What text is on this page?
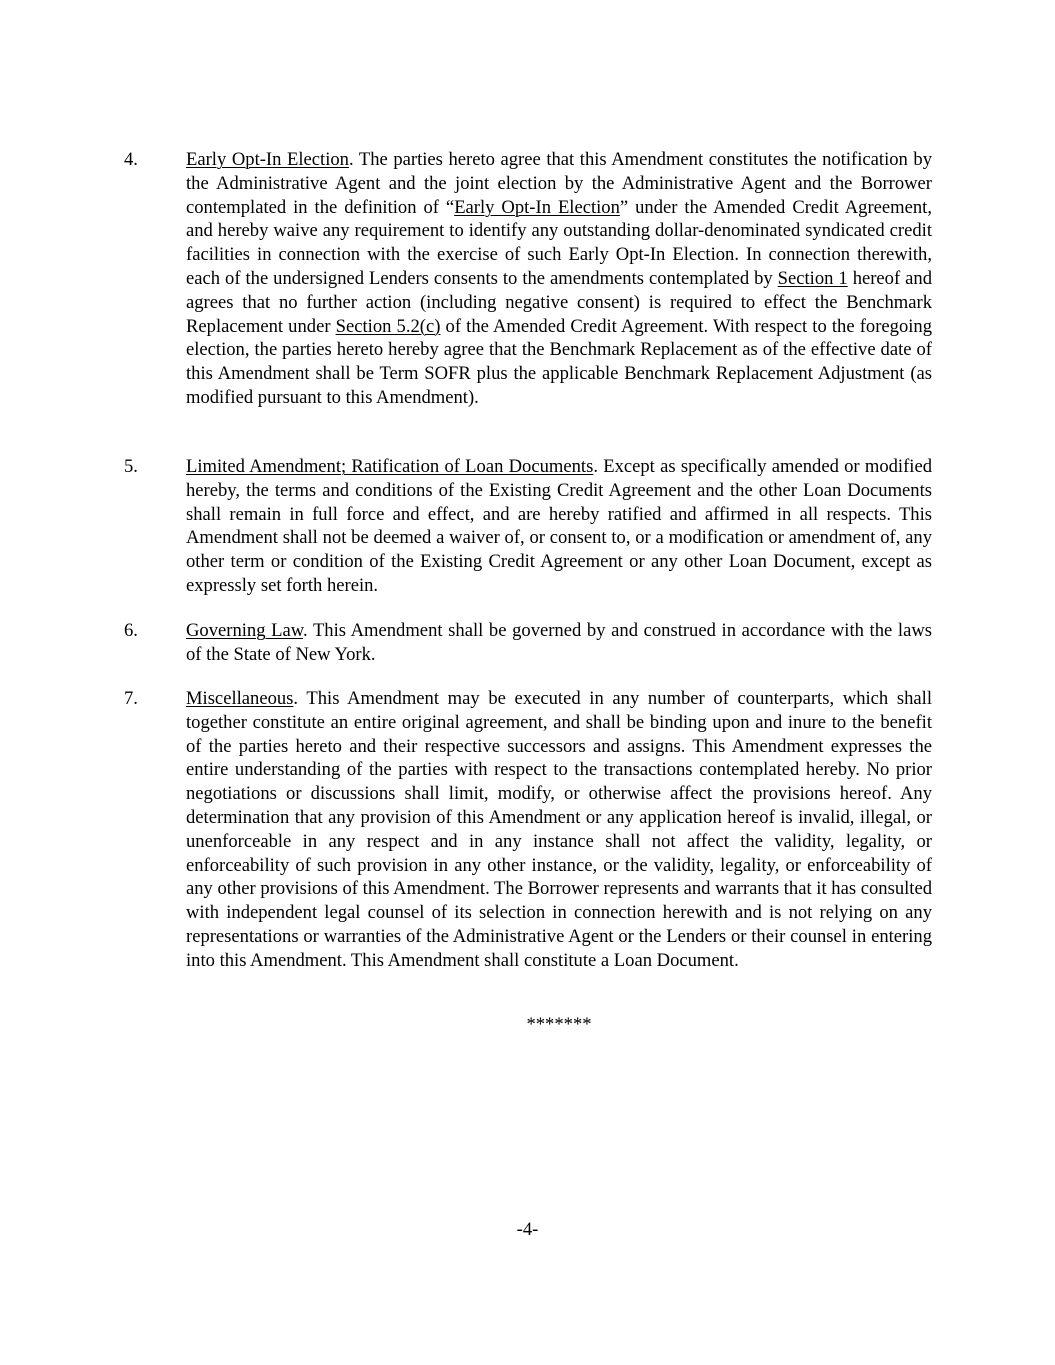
4.	Early Opt-In Election. The parties hereto agree that this Amendment constitutes the notification by the Administrative Agent and the joint election by the Administrative Agent and the Borrower contemplated in the definition of “Early Opt-In Election” under the Amended Credit Agreement, and hereby waive any requirement to identify any outstanding dollar-denominated syndicated credit facilities in connection with the exercise of such Early Opt-In Election. In connection therewith, each of the undersigned Lenders consents to the amendments contemplated by Section 1 hereof and agrees that no further action (including negative consent) is required to effect the Benchmark Replacement under Section 5.2(c) of the Amended Credit Agreement. With respect to the foregoing election, the parties hereto hereby agree that the Benchmark Replacement as of the effective date of this Amendment shall be Term SOFR plus the applicable Benchmark Replacement Adjustment (as modified pursuant to this Amendment).
5.	Limited Amendment; Ratification of Loan Documents. Except as specifically amended or modified hereby, the terms and conditions of the Existing Credit Agreement and the other Loan Documents shall remain in full force and effect, and are hereby ratified and affirmed in all respects. This Amendment shall not be deemed a waiver of, or consent to, or a modification or amendment of, any other term or condition of the Existing Credit Agreement or any other Loan Document, except as expressly set forth herein.
6.	Governing Law. This Amendment shall be governed by and construed in accordance with the laws of the State of New York.
7.	Miscellaneous. This Amendment may be executed in any number of counterparts, which shall together constitute an entire original agreement, and shall be binding upon and inure to the benefit of the parties hereto and their respective successors and assigns. This Amendment expresses the entire understanding of the parties with respect to the transactions contemplated hereby. No prior negotiations or discussions shall limit, modify, or otherwise affect the provisions hereof. Any determination that any provision of this Amendment or any application hereof is invalid, illegal, or unenforceable in any respect and in any instance shall not affect the validity, legality, or enforceability of such provision in any other instance, or the validity, legality, or enforceability of any other provisions of this Amendment. The Borrower represents and warrants that it has consulted with independent legal counsel of its selection in connection herewith and is not relying on any representations or warranties of the Administrative Agent or the Lenders or their counsel in entering into this Amendment. This Amendment shall constitute a Loan Document.
*******
-4-
